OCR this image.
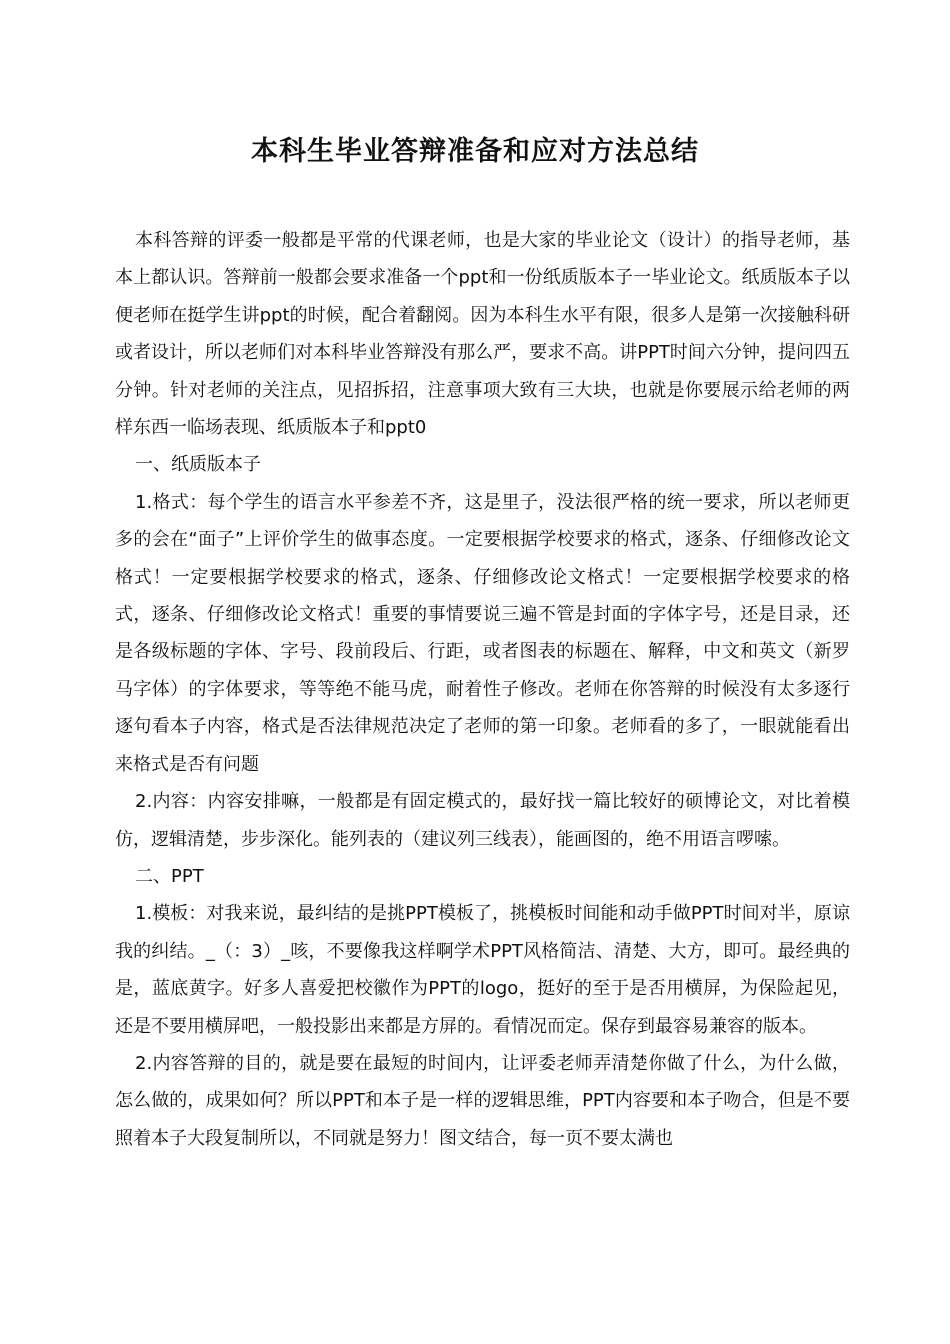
本科生毕业答辩准备和应对方法总结

本科答辩的评委一般都是平常的代课老师，也是大家的毕业论文（设计）的指导老师，基本上都认识。答辩前一般都会要求准备一个ppt和一份纸质版本子一毕业论文。纸质版本子以便老师在挺学生讲ppt的时候，配合着翻阅。因为本科生水平有限，很多人是第一次接触科研或者设计，所以老师们对本科毕业答辩没有那么严，要求不高。讲PPT时间六分钟，提问四五分钟。针对老师的关注点，见招拆招，注意事项大致有三大块，也就是你要展示给老师的两样东西一临场表现、纸质版本子和ppt0

一、纸质版本子

1.格式：每个学生的语言水平参差不齐，这是里子，没法很严格的统一要求，所以老师更多的会在“面子”上评价学生的做事态度。一定要根据学校要求的格式，逐条、仔细修改论文格式！一定要根据学校要求的格式，逐条、仔细修改论文格式！一定要根据学校要求的格式，逐条、仔细修改论文格式！重要的事情要说三遍不管是封面的字体字号，还是目录，还是各级标题的字体、字号、段前段后、行距，或者图表的标题在、解释，中文和英文（新罗马字体）的字体要求，等等绝不能马虎，耐着性子修改。老师在你答辩的时候没有太多逐行逐句看本子内容，格式是否法律规范决定了老师的第一印象。老师看的多了，一眼就能看出来格式是否有问题

2.内容：内容安排嘛，一般都是有固定模式的，最好找一篇比较好的硕博论文，对比着模仿，逻辑清楚，步步深化。能列表的（建议列三线表），能画图的，绝不用语言啰嗦。

二、PPT

1.模板：对我来说，最纠结的是挑PPT模板了，挑模板时间能和动手做PPT时间对半，原谅我的纠结。_（：3）_咳，不要像我这样啊学术PPT风格简洁、清楚、大方，即可。最经典的是，蓝底黄字。好多人喜爱把校徽作为PPT的logo，挺好的至于是否用横屏，为保险起见，还是不要用横屏吧，一般投影出来都是方屏的。看情况而定。保存到最容易兼容的版本。

2.内容答辩的目的，就是要在最短的时间内，让评委老师弄清楚你做了什么，为什么做，怎么做的，成果如何？所以PPT和本子是一样的逻辑思维，PPT内容要和本子吻合，但是不要照着本子大段复制所以，不同就是努力！图文结合，每一页不要太满也
